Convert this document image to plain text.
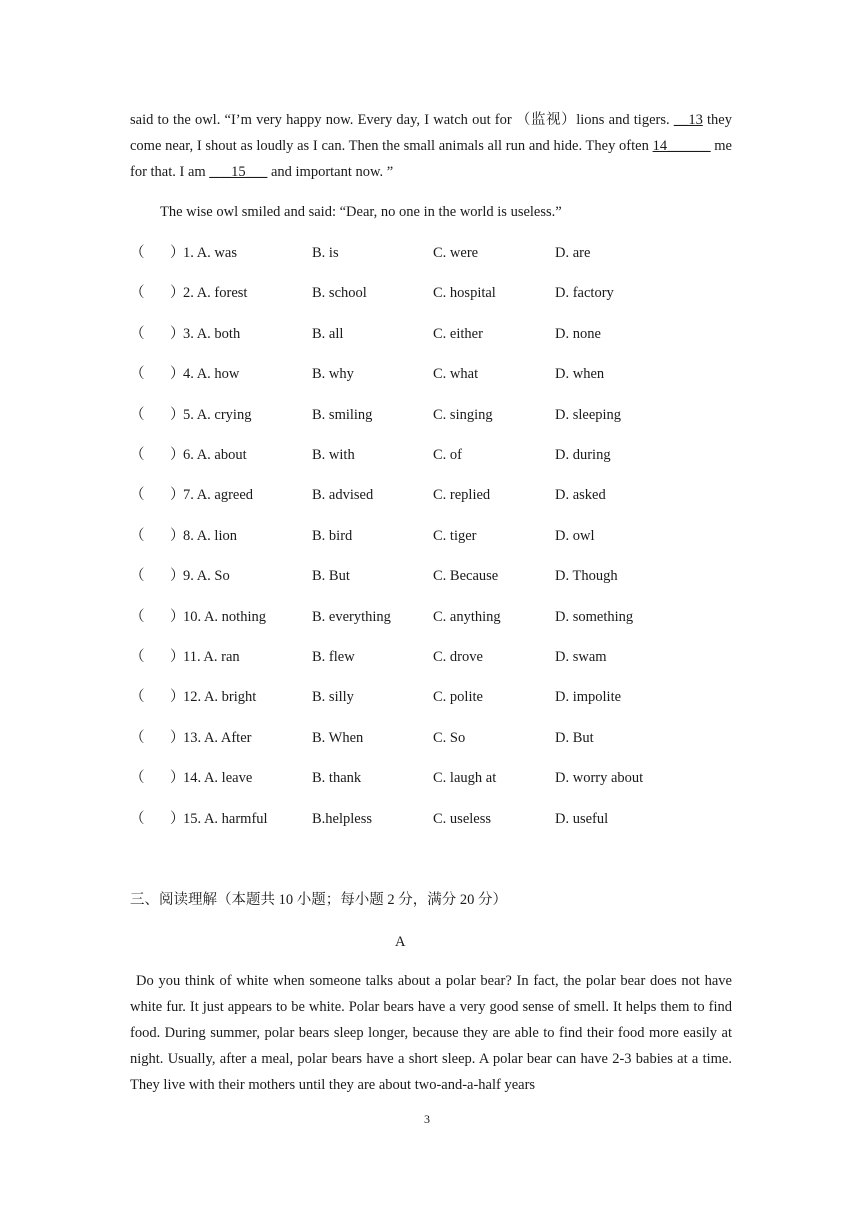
said to the owl. “I’m very happy now. Every day, I watch out for （监视）lions and tigers. __13 they come near, I shout as loudly as I can. Then the small animals all run and hide. They often 14______ me for that. I am ___15___ and important now. ”

The wise owl smiled and said: “Dear, no one in the world is useless.”

（ ）
1. A. was	B. is	C. were	D. are
（ ）
2. A. forest	B. school	C. hospital	D. factory
（ ）
3. A. both	B. all	C. either	D. none
（ ）
4. A. how	B. why	C. what	D. when
（ ）
5. A. crying	B. smiling	C. singing	D. sleeping
（ ）
6. A. about	B. with	C. of	D. during
（ ）
7. A. agreed	B. advised	C. replied	D. asked
（ ）
8. A. lion	B. bird	C. tiger	D. owl
（ ）
9. A. So	B. But	C. Because	D. Though
（ ）
10. A. nothing	B. everything	C. anything	D. something
（ ）
11. A. ran	B. flew	C. drove	D. swam
（ ）
12. A. bright	B. silly	C. polite	D. impolite
（ ）
13. A. After	B. When	C. So	D. But
（ ）
14. A. leave	B. thank	C. laugh at	D. worry about
（ ）
15. A. harmful	B.helpless	C. useless	D. useful

三、阅读理解（本题共 10 小题；每小题 2 分，满分 20 分）

A

Do you think of white when someone talks about a polar bear? In fact, the polar bear does not have white fur. It just appears to be white. Polar bears have a very good sense of smell. It helps them to find food. During summer, polar bears sleep longer, because they are able to find their food more easily at night. Usually, after a meal, polar bears have a short sleep. A polar bear can have 2-3 babies at a time. They live with their mothers until they are about two-and-a-half years

3
